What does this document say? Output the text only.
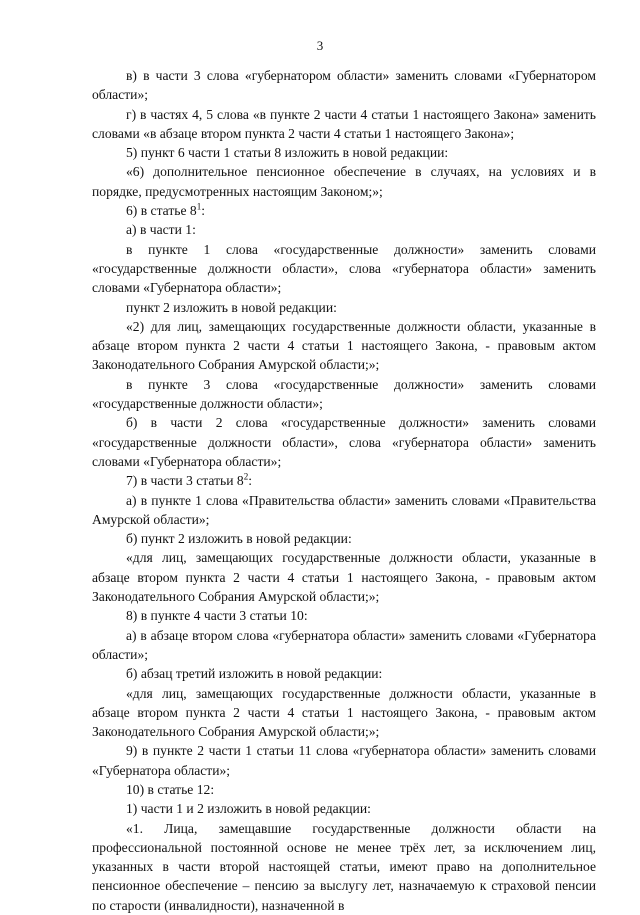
3

в) в части 3 слова «губернатором области» заменить словами «Губернатором области»;

г) в частях 4, 5 слова «в пункте 2 части 4 статьи 1 настоящего Закона» заменить словами «в абзаце втором пункта 2 части 4 статьи 1 настоящего Закона»;

5) пункт 6 части 1 статьи 8 изложить в новой редакции:

«6) дополнительное пенсионное обеспечение в случаях, на условиях и в порядке, предусмотренных настоящим Законом;»;

6) в статье $8^1$:

а) в части 1:

в пункте 1 слова «государственные должности» заменить словами «государственные должности области», слова «губернатора области» заменить словами «Губернатора области»;

пункт 2 изложить в новой редакции:

«2) для лиц, замещающих государственные должности области, указанные в абзаце втором пункта 2 части 4 статьи 1 настоящего Закона, - правовым актом Законодательного Собрания Амурской области;»;

в пункте 3 слова «государственные должности» заменить словами «государственные должности области»;

б) в части 2 слова «государственные должности» заменить словами «государственные должности области», слова «губернатора области» заменить словами «Губернатора области»;

7) в части 3 статьи $8^2$:

а) в пункте 1 слова «Правительства области» заменить словами «Правительства Амурской области»;

б) пункт 2 изложить в новой редакции:

«для лиц, замещающих государственные должности области, указанные в абзаце втором пункта 2 части 4 статьи 1 настоящего Закона, - правовым актом Законодательного Собрания Амурской области;»;

8) в пункте 4 части 3 статьи 10:

а) в абзаце втором слова «губернатора области» заменить словами «Губернатора области»;

б) абзац третий изложить в новой редакции:

«для лиц, замещающих государственные должности области, указанные в абзаце втором пункта 2 части 4 статьи 1 настоящего Закона, - правовым актом Законодательного Собрания Амурской области;»;

9) в пункте 2 части 1 статьи 11 слова «губернатора области» заменить словами «Губернатора области»;

10) в статье 12:

1) части 1 и 2 изложить в новой редакции:

«1. Лица, замещавшие государственные должности области на профессиональной постоянной основе не менее трёх лет, за исключением лиц, указанных в части второй настоящей статьи, имеют право на дополнительное пенсионное обеспечение – пенсию за выслугу лет, назначаемую к страховой пенсии по старости (инвалидности), назначенной в
